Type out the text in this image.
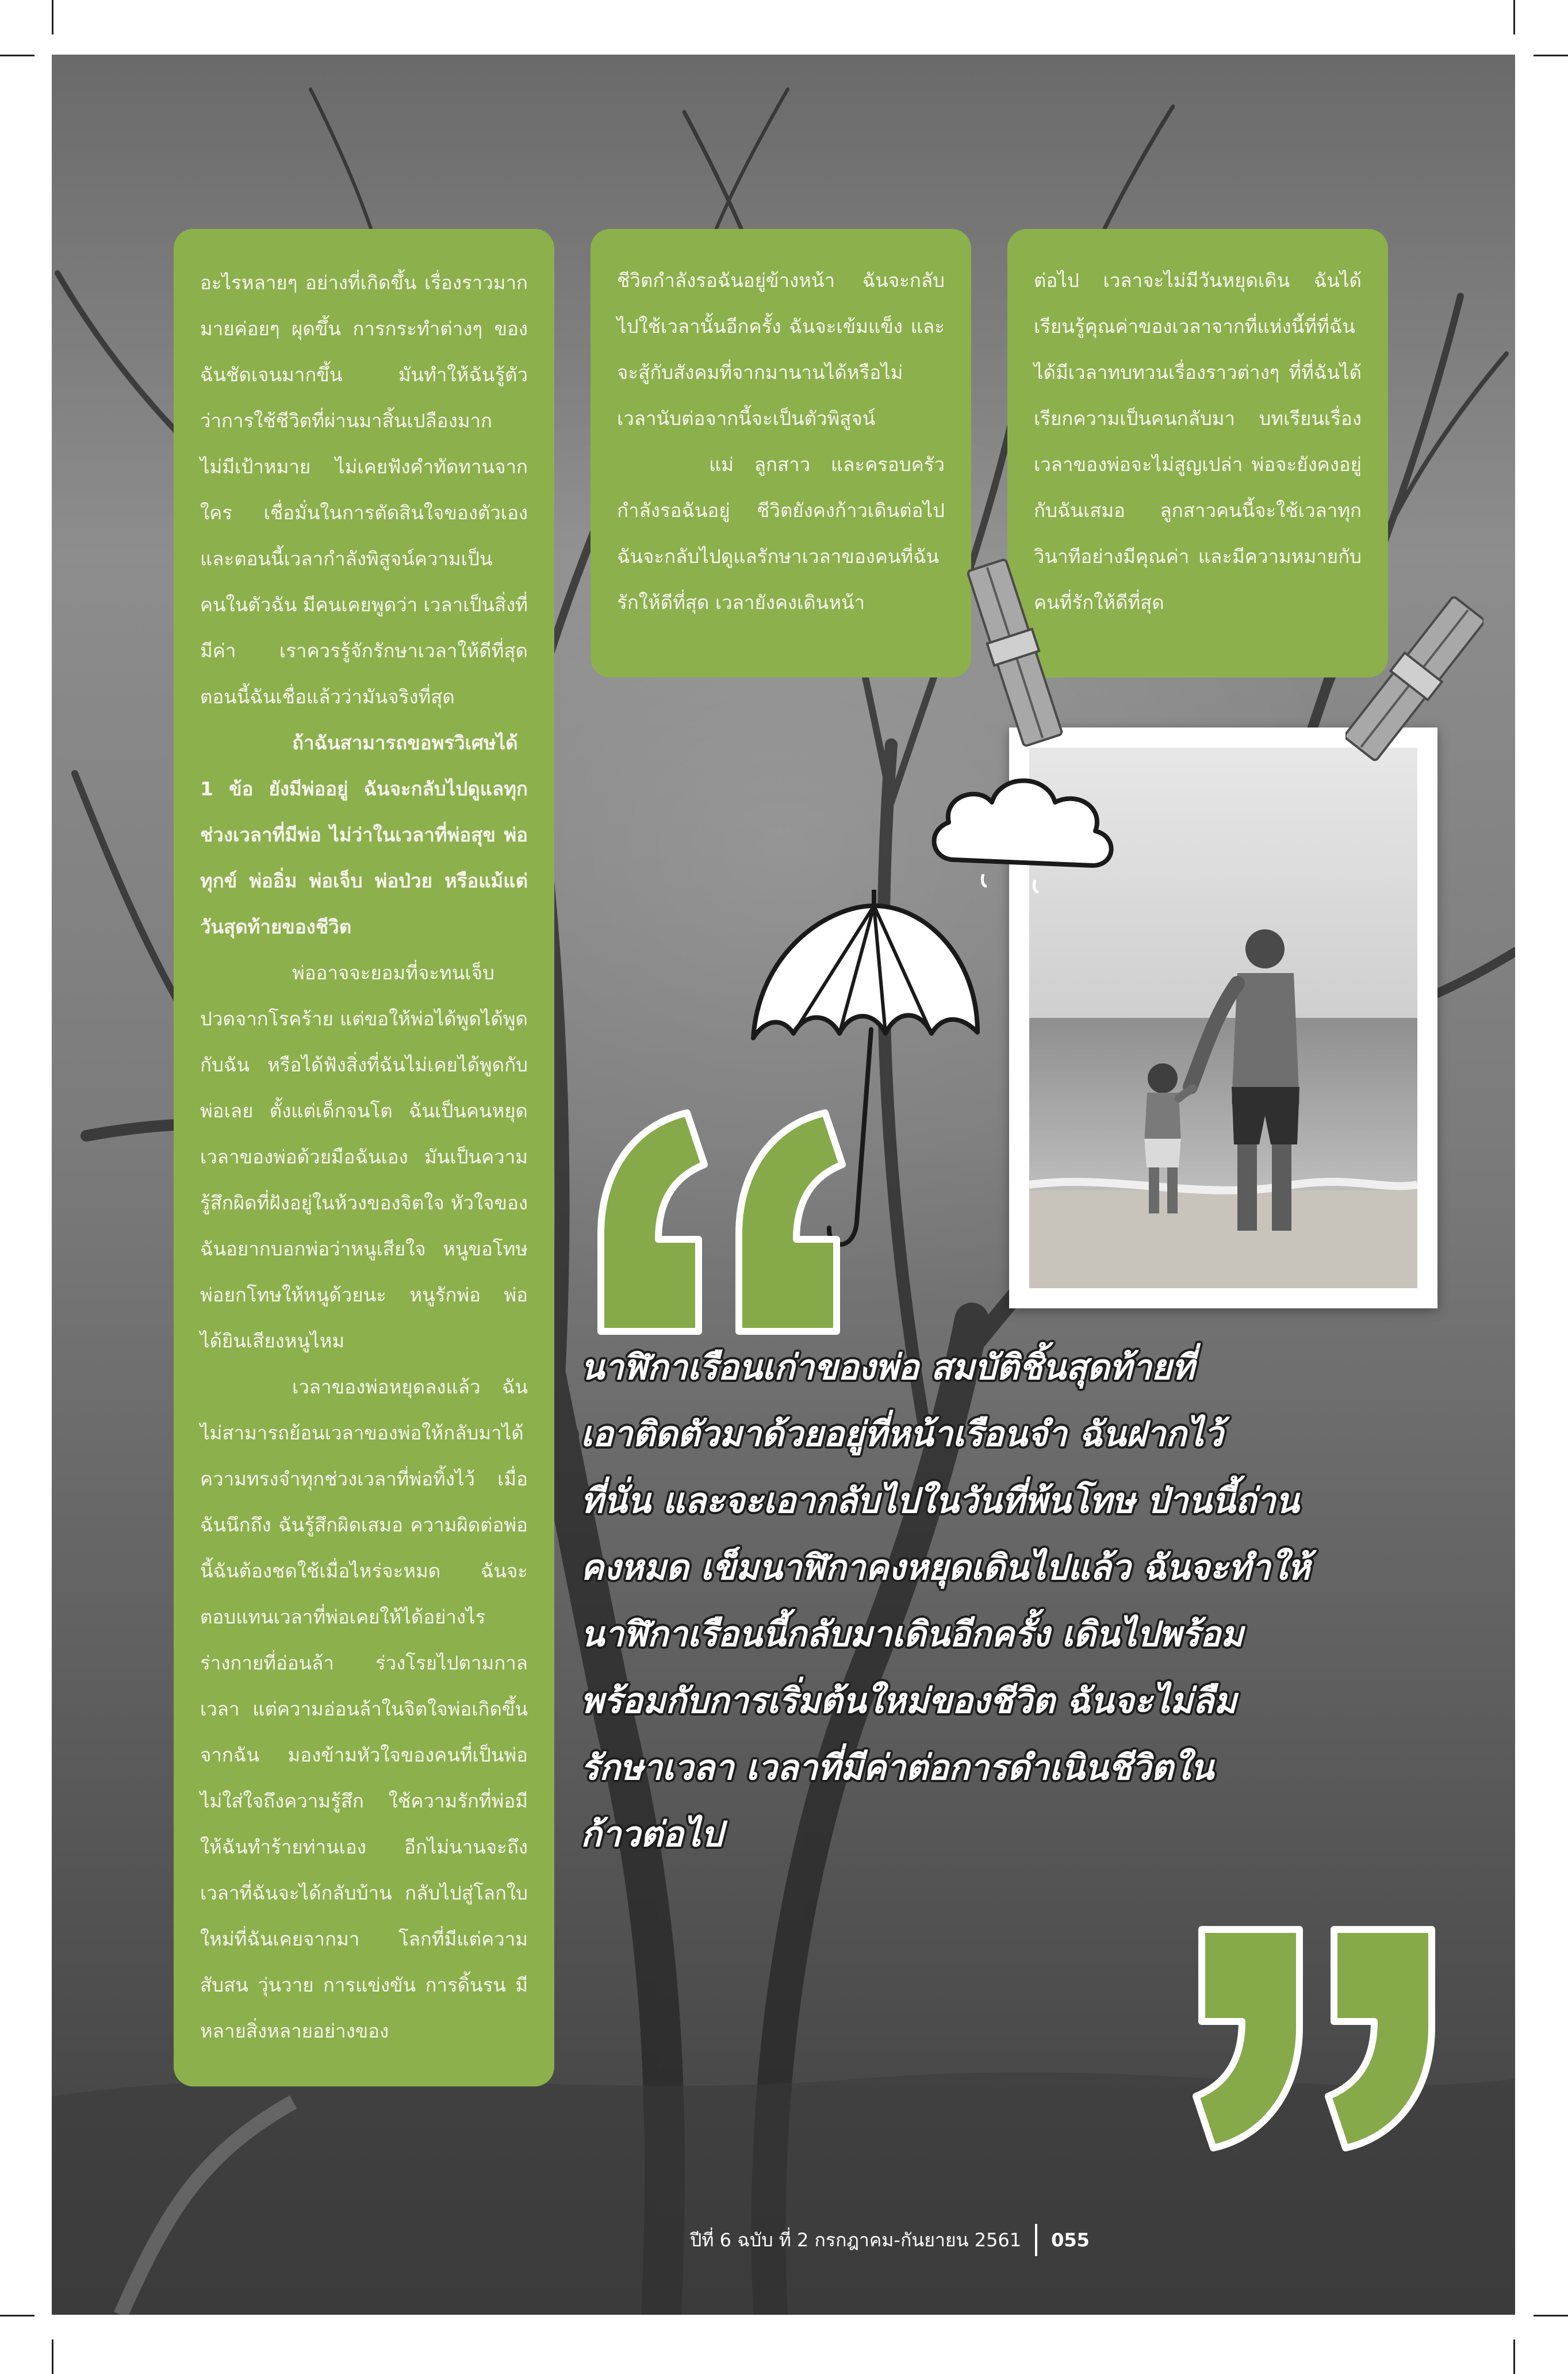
อะไรหลายๆ อย่างที่เกิดขึ้น เรื่องราวมากมายค่อยๆ ผุดขึ้น การกระทำต่างๆ ของฉันชัดเจนมากขึ้น มันทำให้ฉันรู้ตัวว่าการใช้ชีวิตที่ผ่านมาสิ้นเปลืองมาก ไม่มีเป้าหมาย ไม่เคยฟังคำทัดทานจากใคร เชื่อมั่นในการตัดสินใจของตัวเอง และตอนนี้เวลากำลังพิสูจน์ความเป็นคนในตัวฉัน มีคนเคยพูดว่า เวลาเป็นสิ่งที่มีค่า เราควรรู้จักรักษาเวลาให้ดีที่สุด ตอนนี้ฉันเชื่อแล้วว่ามันจริงที่สุด

ถ้าฉันสามารถขอพรวิเศษได้ 1 ข้อ ยังมีพ่ออยู่ ฉันจะกลับไปดูแลทุกช่วงเวลาที่มีพ่อ ไม่ว่าในเวลาที่พ่อสุข พ่อทุกข์ พ่ออิ่ม พ่อเจ็บ พ่อป่วย หรือแม้แต่วันสุดท้ายของชีวิต

พ่ออาจจะยอมที่จะทนเจ็บปวดจากโรคร้าย แต่ขอให้พ่อได้พูดได้พูดกับฉัน หรือได้ฟังสิ่งที่ฉันไม่เคยได้พูดกับพ่อเลย ตั้งแต่เด็กจนโต ฉันเป็นคนหยุดเวลาของพ่อด้วยมือฉันเอง มันเป็นความรู้สึกผิดที่ฝังอยู่ในห้วงของจิตใจ หัวใจของฉันอยากบอกพ่อว่าหนูเสียใจ หนูขอโทษ พ่อยกโทษให้หนูด้วยนะ หนูรักพ่อ พ่อได้ยินเสียงหนูไหม

เวลาของพ่อหยุดลงแล้ว ฉันไม่สามารถย้อนเวลาของพ่อให้กลับมาได้ ความทรงจำทุกช่วงเวลาที่พ่อทิ้งไว้ เมื่อฉันนึกถึง ฉันรู้สึกผิดเสมอ ความผิดต่อพ่อนี้ฉันต้องชดใช้เมื่อไหร่จะหมด ฉันจะตอบแทนเวลาที่พ่อเคยให้ได้อย่างไร ร่างกายที่อ่อนล้า ร่วงโรยไปตามกาลเวลา แต่ความอ่อนล้าในจิตใจพ่อเกิดขึ้นจากฉัน มองข้ามหัวใจของคนที่เป็นพ่อ ไม่ใส่ใจถึงความรู้สึก ใช้ความรักที่พ่อมีให้ฉันทำร้ายท่านเอง อีกไม่นานจะถึงเวลาที่ฉันจะได้กลับบ้าน กลับไปสู่โลกใบใหม่ที่ฉันเคยจากมา โลกที่มีแต่ความสับสน วุ่นวาย การแข่งขัน การดิ้นรน มีหลายสิ่งหลายอย่างของ

ชีวิตกำลังรอฉันอยู่ข้างหน้า ฉันจะกลับไปใช้เวลานั้นอีกครั้ง ฉันจะเข้มแข็ง และจะสู้กับสังคมที่จากมานานได้หรือไม่ เวลานับต่อจากนี้จะเป็นตัวพิสูจน์

แม่ ลูกสาว และครอบครัวกำลังรอฉันอยู่ ชีวิตยังคงก้าวเดินต่อไป ฉันจะกลับไปดูแลรักษาเวลาของคนที่ฉันรักให้ดีที่สุด เวลายังคงเดินหน้า

ต่อไป เวลาจะไม่มีวันหยุดเดิน ฉันได้เรียนรู้คุณค่าของเวลาจากที่แห่งนี้ที่ที่ฉันได้มีเวลาทบทวนเรื่องราวต่างๆ ที่ที่ฉันได้เรียกความเป็นคนกลับมา บทเรียนเรื่องเวลาของพ่อจะไม่สูญเปล่า พ่อจะยังคงอยู่กับฉันเสมอ ลูกสาวคนนี้จะใช้เวลาทุกวินาทีอย่างมีคุณค่า และมีความหมายกับคนที่รักให้ดีที่สุด

นาฬิกาเรือนเก่าของพ่อ สมบัติชิ้นสุดท้ายที่
เอาติดตัวมาด้วยอยู่ที่หน้าเรือนจำ ฉันฝากไว้
ที่นั่น และจะเอากลับไปในวันที่พ้นโทษ ป่านนี้ถ่าน
คงหมด เข็มนาฬิกาคงหยุดเดินไปแล้ว ฉันจะทำให้
นาฬิกาเรือนนี้กลับมาเดินอีกครั้ง เดินไปพร้อม
พร้อมกับการเริ่มต้นใหม่ของชีวิต ฉันจะไม่ลืม
รักษาเวลา เวลาที่มีค่าต่อการดำเนินชีวิตใน
ก้าวต่อไป
ปีที่ 6 ฉบับ ที่ 2 กรกฎาคม-กันยายน 2561 055
